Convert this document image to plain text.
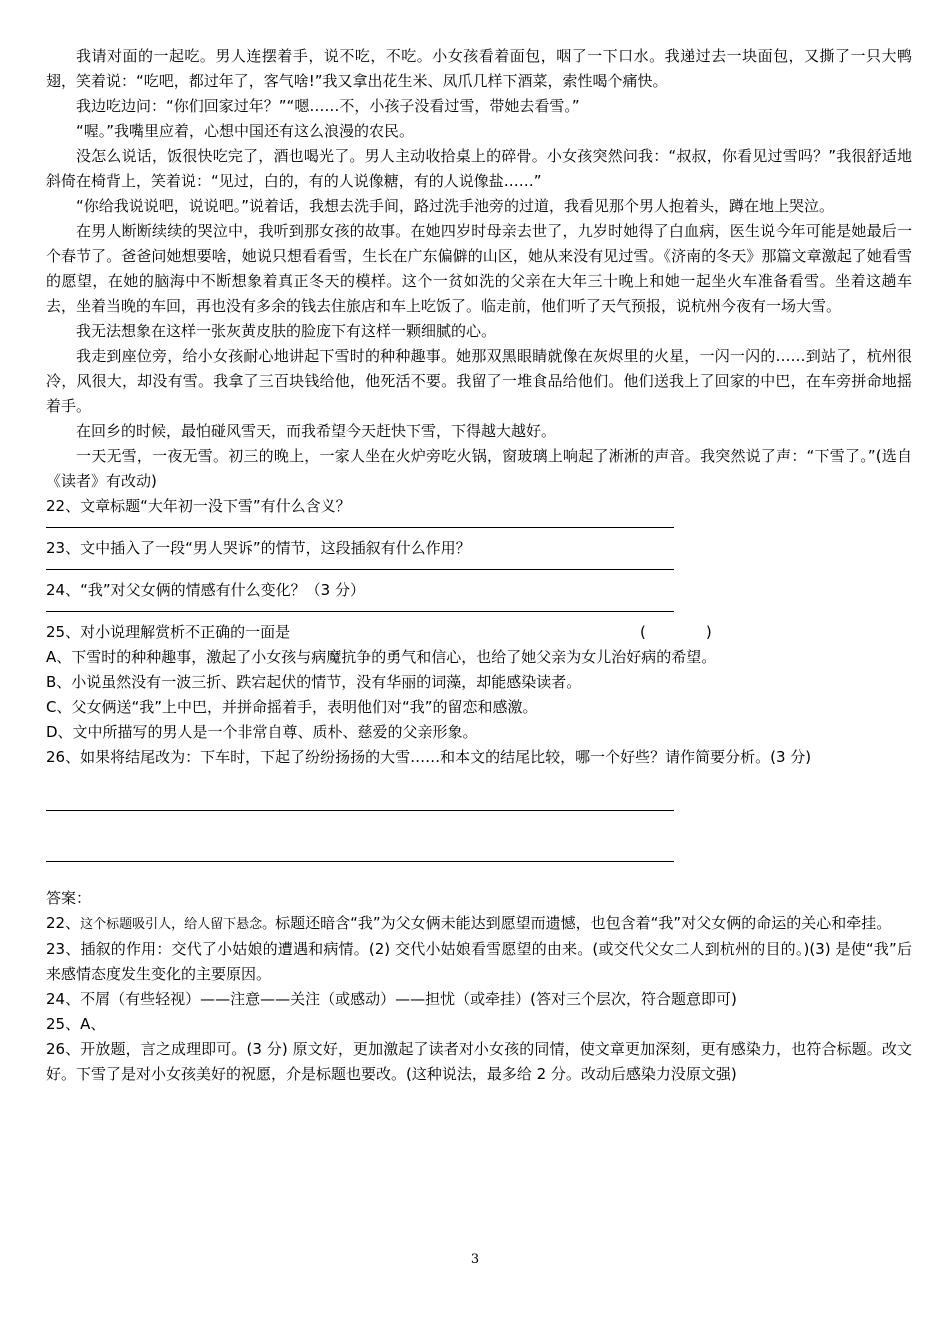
我请对面的一起吃。男人连摆着手，说不吃，不吃。小女孩看着面包，咽了一下口水。我递过去一块面包，又撕了一只大鸭翅，笑着说：“吃吧，都过年了，客气啥!”我又拿出花生米、凤爪几样下酒菜，索性喝个痛快。

我边吃边问：“你们回家过年？”“嗯……不，小孩子没看过雪，带她去看雪。”

“喔。”我嘴里应着，心想中国还有这么浪漫的农民。

没怎么说话，饭很快吃完了，酒也喝光了。男人主动收拾桌上的碎骨。小女孩突然问我：“叔叔，你看见过雪吗？”我很舒适地斜倚在椅背上，笑着说：“见过，白的，有的人说像糖，有的人说像盐……”

“你给我说说吧，说说吧。”说着话，我想去洗手间，路过洗手池旁的过道，我看见那个男人抱着头，蹲在地上哭泣。

在男人断断续续的哭泣中，我听到那女孩的故事。在她四岁时母亲去世了，九岁时她得了白血病，医生说今年可能是她最后一个春节了。爸爸问她想要啥，她说只想看看雪，生长在广东偏僻的山区，她从来没有见过雪。《济南的冬天》那篇文章激起了她看雪的愿望，在她的脑海中不断想象着真正冬天的模样。这个一贫如洗的父亲在大年三十晚上和她一起坐火车准备看雪。坐着这趟车去，坐着当晚的车回，再也没有多余的钱去住旅店和车上吃饭了。临走前，他们听了天气预报，说杭州今夜有一场大雪。

我无法想象在这样一张灰黄皮肤的脸庞下有这样一颗细腻的心。

我走到座位旁，给小女孩耐心地讲起下雪时的种种趣事。她那双黑眼睛就像在灰烬里的火星，一闪一闪的……到站了，杭州很冷，风很大，却没有雪。我拿了三百块钱给他，他死活不要。我留了一堆食品给他们。他们送我上了回家的中巴，在车旁拼命地摇着手。

在回乡的时候，最怕碰风雪天，而我希望今天赶快下雪，下得越大越好。

一天无雪，一夜无雪。初三的晚上，一家人坐在火炉旁吃火锅，窗玻璃上响起了淅淅的声音。我突然说了声：“下雪了。”(选自《读者》有改动)

22、文章标题“大年初一没下雪”有什么含义？

23、文中插入了一段“男人哭诉”的情节，这段插叙有什么作用？

24、“我”对父女俩的情感有什么变化？（3 分）

25、对小说理解赏析不正确的一面是	(　　　　)

A、下雪时的种种趣事，激起了小女孩与病魔抗争的勇气和信心，也给了她父亲为女儿治好病的希望。

B、小说虽然没有一波三折、跌宕起伏的情节，没有华丽的词藻，却能感染读者。

C、父女俩送“我”上中巴，并拼命摇着手，表明他们对“我”的留恋和感激。

D、文中所描写的男人是一个非常自尊、质朴、慈爱的父亲形象。

26、如果将结尾改为：下车时，下起了纷纷扬扬的大雪……和本文的结尾比较，哪一个好些？请作简要分析。(3 分)

答案：

22、这个标题吸引人，给人留下悬念。标题还暗含“我”为父女俩未能达到愿望而遗憾，也包含着“我”对父女俩的命运的关心和牵挂。

23、插叙的作用：交代了小姑娘的遭遇和病情。(2) 交代小姑娘看雪愿望的由来。(或交代父女二人到杭州的目的。)(3) 是使“我”后来感情态度发生变化的主要原因。

24、不屑（有些轻视）——注意——关注（或感动）——担忧（或牵挂）(答对三个层次，符合题意即可)

25、A、

26、开放题，言之成理即可。(3 分) 原文好，更加激起了读者对小女孩的同情，使文章更加深刻，更有感染力，也符合标题。改文好。下雪了是对小女孩美好的祝愿，介是标题也要改。(这种说法，最多给 2 分。改动后感染力没原文强)

3
